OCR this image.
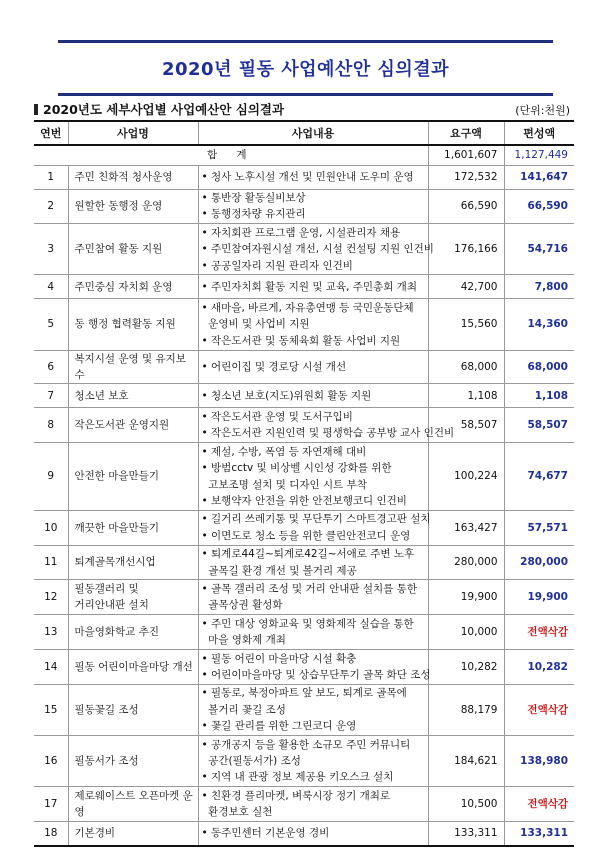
2020년 필동 사업예산안 심의결과
2020년도 세부사업별 사업예산안 심의결과	(단위:천원)
연번	사업명	사업내용	요구액	편성액
합 계			1,601,607	1,127,449
1	주민 친화적 청사운영	• 청사 노후시설 개선 및 민원안내 도우미 운영	172,532	141,647
2	원할한 동행정 운영	• 통반장 활동실비보상
• 동행정차량 유지관리	66,590	66,590
3	주민참여 활동 지원	• 자치회관 프로그램 운영, 시설관리자 채용
• 주민참여자원시설 개선, 시설 컨설팅 지원 인건비
• 공공일자리 지원 관리자 인건비	176,166	54,716
4	주민중심 자치회 운영	• 주민자치회 활동 지원 및 교육, 주민총회 개최	42,700	7,800
5	동 행정 협력활동 지원	• 새마을, 바르게, 자유총연맹 등 국민운동단체
운영비 및 사업비 지원
• 작은도서관 및 동체육회 활동 사업비 지원	15,560	14,360
6	복지시설 운영 및 유지보수	• 어린이집 및 경로당 시설 개선	68,000	68,000
7	청소년 보호	• 청소년 보호(지도)위원회 활동 지원	1,108	1,108
8	작은도서관 운영지원	• 작은도서관 운영 및 도서구입비
• 작은도서관 지원인력 및 평생학습 공부방 교사 인건비	58,507	58,507
9	안전한 마을만들기	• 제설, 수방, 폭염 등 자연재해 대비
• 방범cctv 및 비상벨 시인성 강화를 위한
고보조명 설치 및 디자인 시트 부착
• 보행약자 안전을 위한 안전보행코디 인건비	100,224	74,677
10	깨끗한 마을만들기	• 길거리 쓰레기통 및 무단투기 스마트경고판 설치
• 이면도로 청소 등을 위한 클린안전코디 운영	163,427	57,571
11	퇴계골목개선시업	• 퇴계로44길~퇴계로42길~서애로 주변 노후
골목길 환경 개선 및 볼거리 제공	280,000	280,000
12	필동갤러리 및
거리안내판 설치	• 골목 갤러리 조성 및 거리 안내판 설치를 통한
골목상권 활성화	19,900	19,900
13	마을영화학교 추진	• 주민 대상 영화교육 및 영화제작 실습을 통한
마을 영화제 개최	10,000	전액삭감
14	필동 어린이마을마당 개선	• 필동 어린이 마을마당 시설 확충
• 어린이마을마당 및 상습무단투기 골목 화단 조성	10,282	10,282
15	필동꽃길 조성	• 필동로, 북정아파트 앞 보도, 퇴계로 골목에
볼거리 꽃길 조성
• 꽃길 관리를 위한 그린코디 운영	88,179	전액삭감
16	필동서가 조성	• 공개공지 등을 활용한 소규모 주민 커뮤니티
공간(필동서가) 조성
• 지역 내 관광 정보 제공용 키오스크 설치	184,621	138,980
17	제로웨이스트 오픈마켓 운영	• 친환경 플리마켓, 벼룩시장 정기 개최로
환경보호 실천	10,500	전액삭감
18	기본경비	• 동주민센터 기본운영 경비	133,311	133,311
